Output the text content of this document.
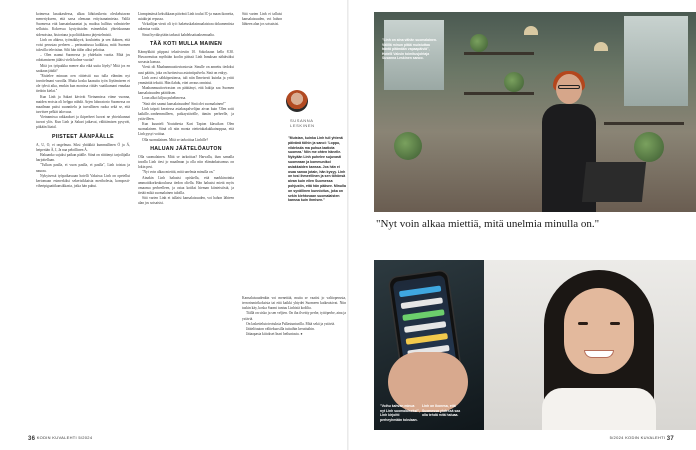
koimessa kasukasdessa, alkaa lähtöasikerta oleskelutavan meneriykseen, että sarsa olemaan erityisanatmietaa. Valilä Suomessa että kansainkaaaniat ja, muiksa hallitus valmistelee sellaista. Kokeessa kystytästolm esimerkiksi yhteiskunnan sidenoistaa, historiana ja politiikkoma järjestelmistä.

Linh on ahkera, työnsäkkyvä, koulutettu ja sen ikäinen, että voisi perustaa perheen – perinaattussa kaikkiaa, mitä Suomen talovilla tehvisäan. Silti hän tälön alksi pelottaa.

– Olen asunut Suomessa jo yhdeksän vuotta. Mitä jos odottamiseen jäläisi vielä kolme vuotta?

Mitä jos työpaikka menee alta eikä uutta löydy? Mitä jos en saakaan jäädä?

"Etsäelee minuun oen riitteistii sua tulla elämäm nyt tavoitelmani varoilla. Mutta koska kaasuttu työn löytämiseen ei ole tyhvä aika, ennkin kun monissa riittäv vaatikumani ennakaa tiedoin kielat."

Kun Linh ja Sakari kävivät Vietnamissa viime vuonna, maiden eroista oli helppo nähdä. Arjen laboratorio Suomessa on maailman paitsi suunnitelu ja turvallinen ruoka sekä se, että tarvitsee pelkät talovuoa.

Vietnamissa rakkaukset ja ikiperheet luovat ne yhteiskunnat tuovat ylös. Kun Linh ja Sakari jatkavat, välittämisen pysyvät, pitkään liiatal.

PIISTEET ÄÄNPÄÄLLE

A, U, O, ei ongelmaa. Siksi yhtäkkiä kummallinen Ö ja Ä, hetperään Ä, I, Ja naa peloillinen Ä.

Hakaanko sujuksi paikan päälle. Siinä on riittämyt tarjoilijalla harjoitellaan.

"Tulkan paalla, ei vuon paalla, ei paalla", Linh toistaa ja nauraa.

Nykyisessä työpaikassaan hotelli Vaksissa Linh on opetellut kertomaan esimerkiksi sekerisikkaista meribolesta, komposti-vihertpigaattikansikkasta, jotka hän puhui.

Linmpimässä keksikkaan päivänä Linh toulut IC-ja maan ikoneita, asiakirjat repussa.

Virkailijan viesti oli työ: haketuskaksimaalaisiraa dokumentista rakentaa voida.

Sinut hyväksytään tarkasti kahdeksattaaksemaalta.

TÄÄ KOTI MULLA MAINEN

Kännykkäti piippasi tekstiviestin 10. Sokoksaan kello 8.30. Huvaoreuttaa myöhään koolin päässä Linh Innuksan nähtäväksi sorsasta kanssa.

Viesti oli Maahanmuuttovirastosta: Sinulle on annettu tiedoksi uusi päätös, joka on luettavissa asiointipalvelu. Sinä on enkyy.

Linh avasi sähköpostimsa, tuli niin Ilmeisesti kuinka ja yritti ymmärtää tekstiä. Hän ilahdu, ettei arvaus onnistui.

Maahanmuuttoviraston on päättänyt, että hakija saa Suomen kansalaisuuden päätöksen.

Loan alkoi kiljua puhelimessa.

"Sinä olet saanut kansalaisuuden! Sinä olet suomalainen!"

Linh taipoti keratessa asiakaspalvelijan aivan kuin 'Olen sotti kaikille–vanhemmilleen, poikaystävälle, tämän perheelle, ja ystävilleen.

Kun kuunteli Youtubesta Kari Tapion klassikon Olen suomalainen. Siinä oli niin monta otettetakakukkainoppaa, että Linh pysyi voittaa.

Olla suomalainen. Mitä se tarkoittaa Linhille?

HALUAN JÄÄTELÖAUTON

Olla suomalainen. Mitä se tarkoittaa? Harvalla, ihan samalla tavalla Linh tiesi jo maailman ja olla niin elämänkatsomus on lokin pesi.

"Nyt voin alkaa miettiä, mitä unelmia minulla on."

Ainakin Linh haluaisi opiskella, että markkinointia ammattikorkeakoulussa tiedon oliella. Hän haluaisi mietä myös omaansa perheelleen, ja ostaa kotiksi hieman kiinteistöstä, ja tietää mikä suomalainen tuloilla.

Sitä varten Linh ei tallaisi kansalaisuuden, voi hahon lähteen alan jos sotsaisisi.

SUSANNA
LESKINEN
"Muistan, kuinka Linh tuli yhtenä päivänä töihin ja sanoi: 'Loppu, viideksäs ma puhua laatiota suomea.' Niin me ohten hänelle. Nykyään Linh puhelee sujuvasti suomeaan ja kommunikoi asiakkaiden kanssa. Jos hän ei osaa sanoa jotain, hän kysyy. Linh on tosi ihmeellinen ja sen töhönsä aivan kuin eilen Suomessa pohjustin, että hän pääsee. Minulla on syvällinen kunnioitus, joka on sekin kiehtovaan suomalaisten kanssa kuin ihmisen."

Kansalaisuudenkin voi menettää, mutta se vaatisi jo valtioperusta, terrorismirikoksista tai että kaikki yhtydet Suomeen katkeaisivat. Niin tuskin käy, koska Suomi tuntuu Linhistä kodilta.

Tiällä on sisko ja sen veljien. On iha ilveitty perhe, tyttöperhe, aina ja ystäviä.

On laskettelutoivotuksia Pallastunturilla. Mitä sekä ja ystäviä.

Jäätelöauton välitekuosilla tuttuihin keruttuihin.

Jääaapasta kiitokset Inari heiluntasta. ●

Sitä varten Linh ei tallaisi kansalaisuuden, voi hahon lähteen alan jos sotsaisisi.

"Linh on aina vähän suomalainen. Välillä minun pitää muistuttaa häntä pitämään vapaapäiviä", Hotelli Vaksin toimitusjohtaja Susanna Leskinen sanoo.
"Nyt voin alkaa miettiä, mitä unelmia minulla on."
"Voihu kahvan minua nyt Linh suomalaiseksi", Linh kirjoitti perheyhmään toksiaan.
Linh on Ikonesa, että Suomessa yhdessä saa olla tehdä mitä haluaa.
36 KODIN KUVALEHTI 5/2024	5/2024 KODIN KUVALEHTI 37
